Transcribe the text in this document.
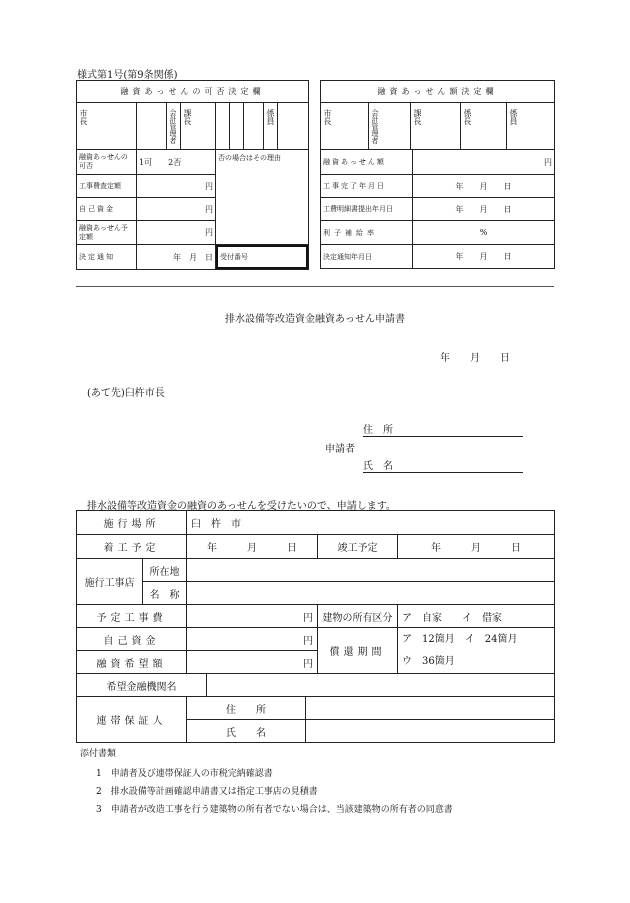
様式第1号(第9条関係)
融資あっせんの可否決定欄
市長		会計管理者	課長				係員	
融資あっせんの可否	1可　　2否	否の場合はその理由
工事費査定額	円	
自己資金	円	
融資あっせん予定額	円	
決定通知	年　月　日	受付番号
融資あっせん額決定欄
市長	会計管理者	課長	係長	係員
融資あっせん額	円
工事完了年月日	年　　月　　日
工費明細書提出年月日	年　　月　　日
利子補給率	%
決定通知年月日	年　　月　　日
排水設備等改造資金融資あっせん申請書
年　　月　　日
(あて先)臼杵市長
住　所
申請者
氏　名
排水設備等改造資金の融資のあっせんを受けたいので、申請します。
施行場所		臼　杵　市				
着工予定		年　　　月　　　日			竣工予定	年　　　月　　　日
施行工事店	所在地					
	名　称					
予定工事費		円			建物の所有区分	ア　自家　　イ　借家
自己資金		円			償還期間	ア　12箇月　イ　24箇月
ウ　36箇月

融資希望額		円				
希望金融機関名						
連帯保証人		住　　所				
		氏　　名				
添付書類
1　申請者及び連帯保証人の市税完納確認書
2　排水設備等計画確認申請書又は指定工事店の見積書
3　申請者が改造工事を行う建築物の所有者でない場合は、当該建築物の所有者の同意書
